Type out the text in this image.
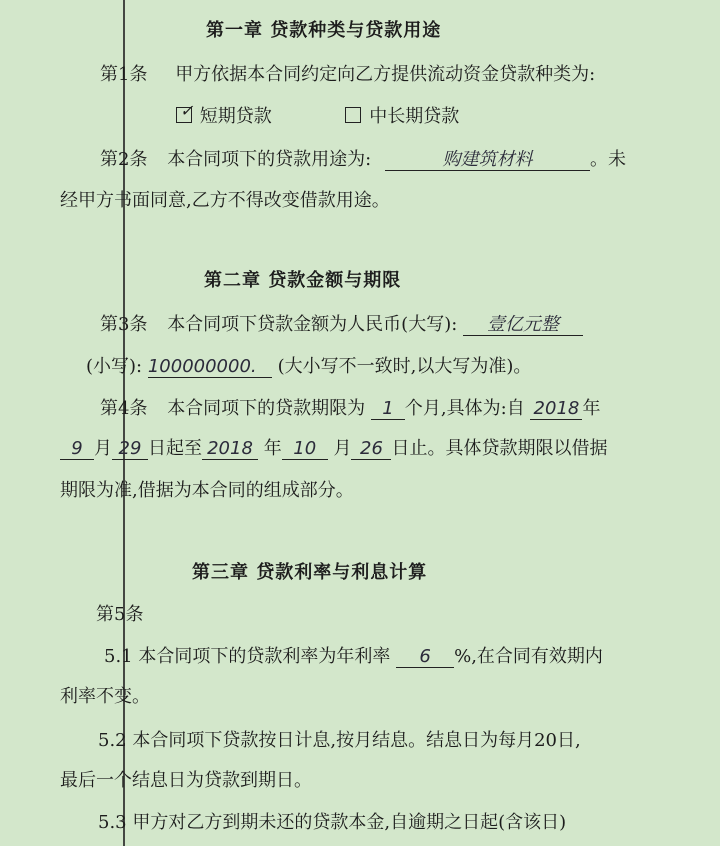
第一章 贷款种类与贷款用途
第1条 甲方依据本合同约定向乙方提供流动资金贷款种类为:
✓ 短期贷款	中长期贷款
第2条 本合同项下的贷款用途为:	购建筑材料	。未
经甲方书面同意,乙方不得改变借款用途。
第二章 贷款金额与期限
第3条 本合同项下贷款金额为人民币(大写): 壹亿元整
(小写): 100000000. (大小写不一致时,以大写为准)。
第4条 本合同项下的贷款期限为 1 个月,具体为:自 2018 年
9 月 29 日起至 2018 年 10 月 26 日止。具体贷款期限以借据
期限为准,借据为本合同的组成部分。
第三章 贷款利率与利息计算
第5条
5.1 本合同项下的贷款利率为年利率 6 %,在合同有效期内
利率不变。
5.2 本合同项下贷款按日计息,按月结息。结息日为每月20日,
最后一个结息日为贷款到期日。
5.3 甲方对乙方到期未还的贷款本金,自逾期之日起(含该日)
